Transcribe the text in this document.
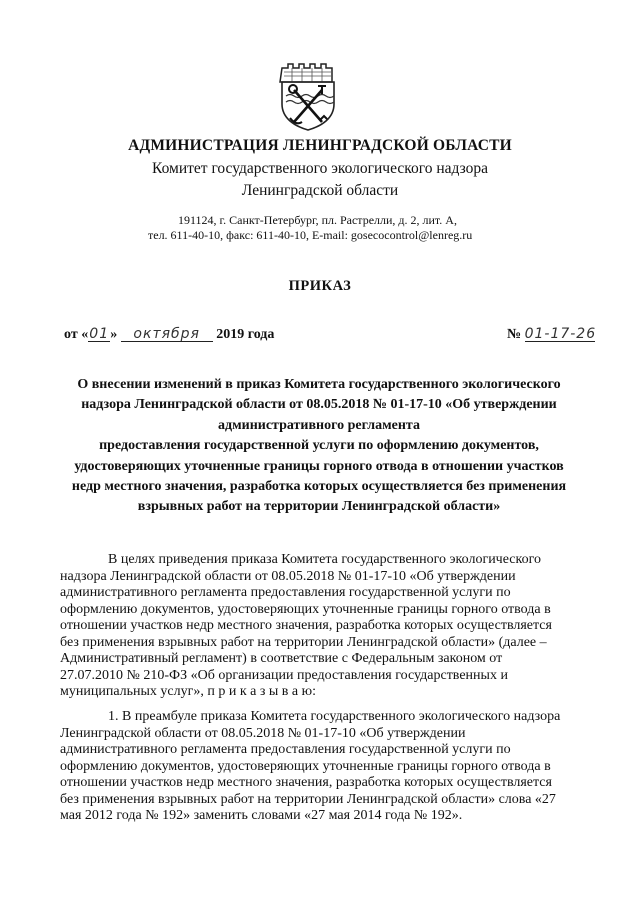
АДМИНИСТРАЦИЯ ЛЕНИНГРАДСКОЙ ОБЛАСТИ
Комитет государственного экологического надзора
Ленинградской области
191124, г. Санкт-Петербург, пл. Растрелли, д. 2, лит. А,
тел. 611-40-10, факс: 611-40-10, E-mail: gosecocontrol@lenreg.ru
ПРИКАЗ
от «01» октября 2019 года	№ 01-17-26
О внесении изменений в приказ Комитета государственного экологического
надзора Ленинградской области от 08.05.2018 № 01-17-10 «Об утверждении
административного регламента
предоставления государственной услуги по оформлению документов,
удостоверяющих уточненные границы горного отвода в отношении участков
недр местного значения, разработка которых осуществляется без применения
взрывных работ на территории Ленинградской области»
В целях приведения приказа Комитета государственного экологического
надзора Ленинградской области от 08.05.2018 № 01-17-10 «Об утверждении
административного регламента предоставления государственной услуги по
оформлению документов, удостоверяющих уточненные границы горного отвода в
отношении участков недр местного значения, разработка которых осуществляется
без применения взрывных работ на территории Ленинградской области» (далее –
Административный регламент) в соответствие с Федеральным законом от
27.07.2010 № 210-ФЗ «Об организации предоставления государственных и
муниципальных услуг», п р и к а з ы в а ю:
1. В преамбуле приказа Комитета государственного экологического надзора
Ленинградской области от 08.05.2018 № 01-17-10 «Об утверждении
административного регламента предоставления государственной услуги по
оформлению документов, удостоверяющих уточненные границы горного отвода в
отношении участков недр местного значения, разработка которых осуществляется
без применения взрывных работ на территории Ленинградской области» слова «27
мая 2012 года № 192» заменить словами «27 мая 2014 года № 192».
